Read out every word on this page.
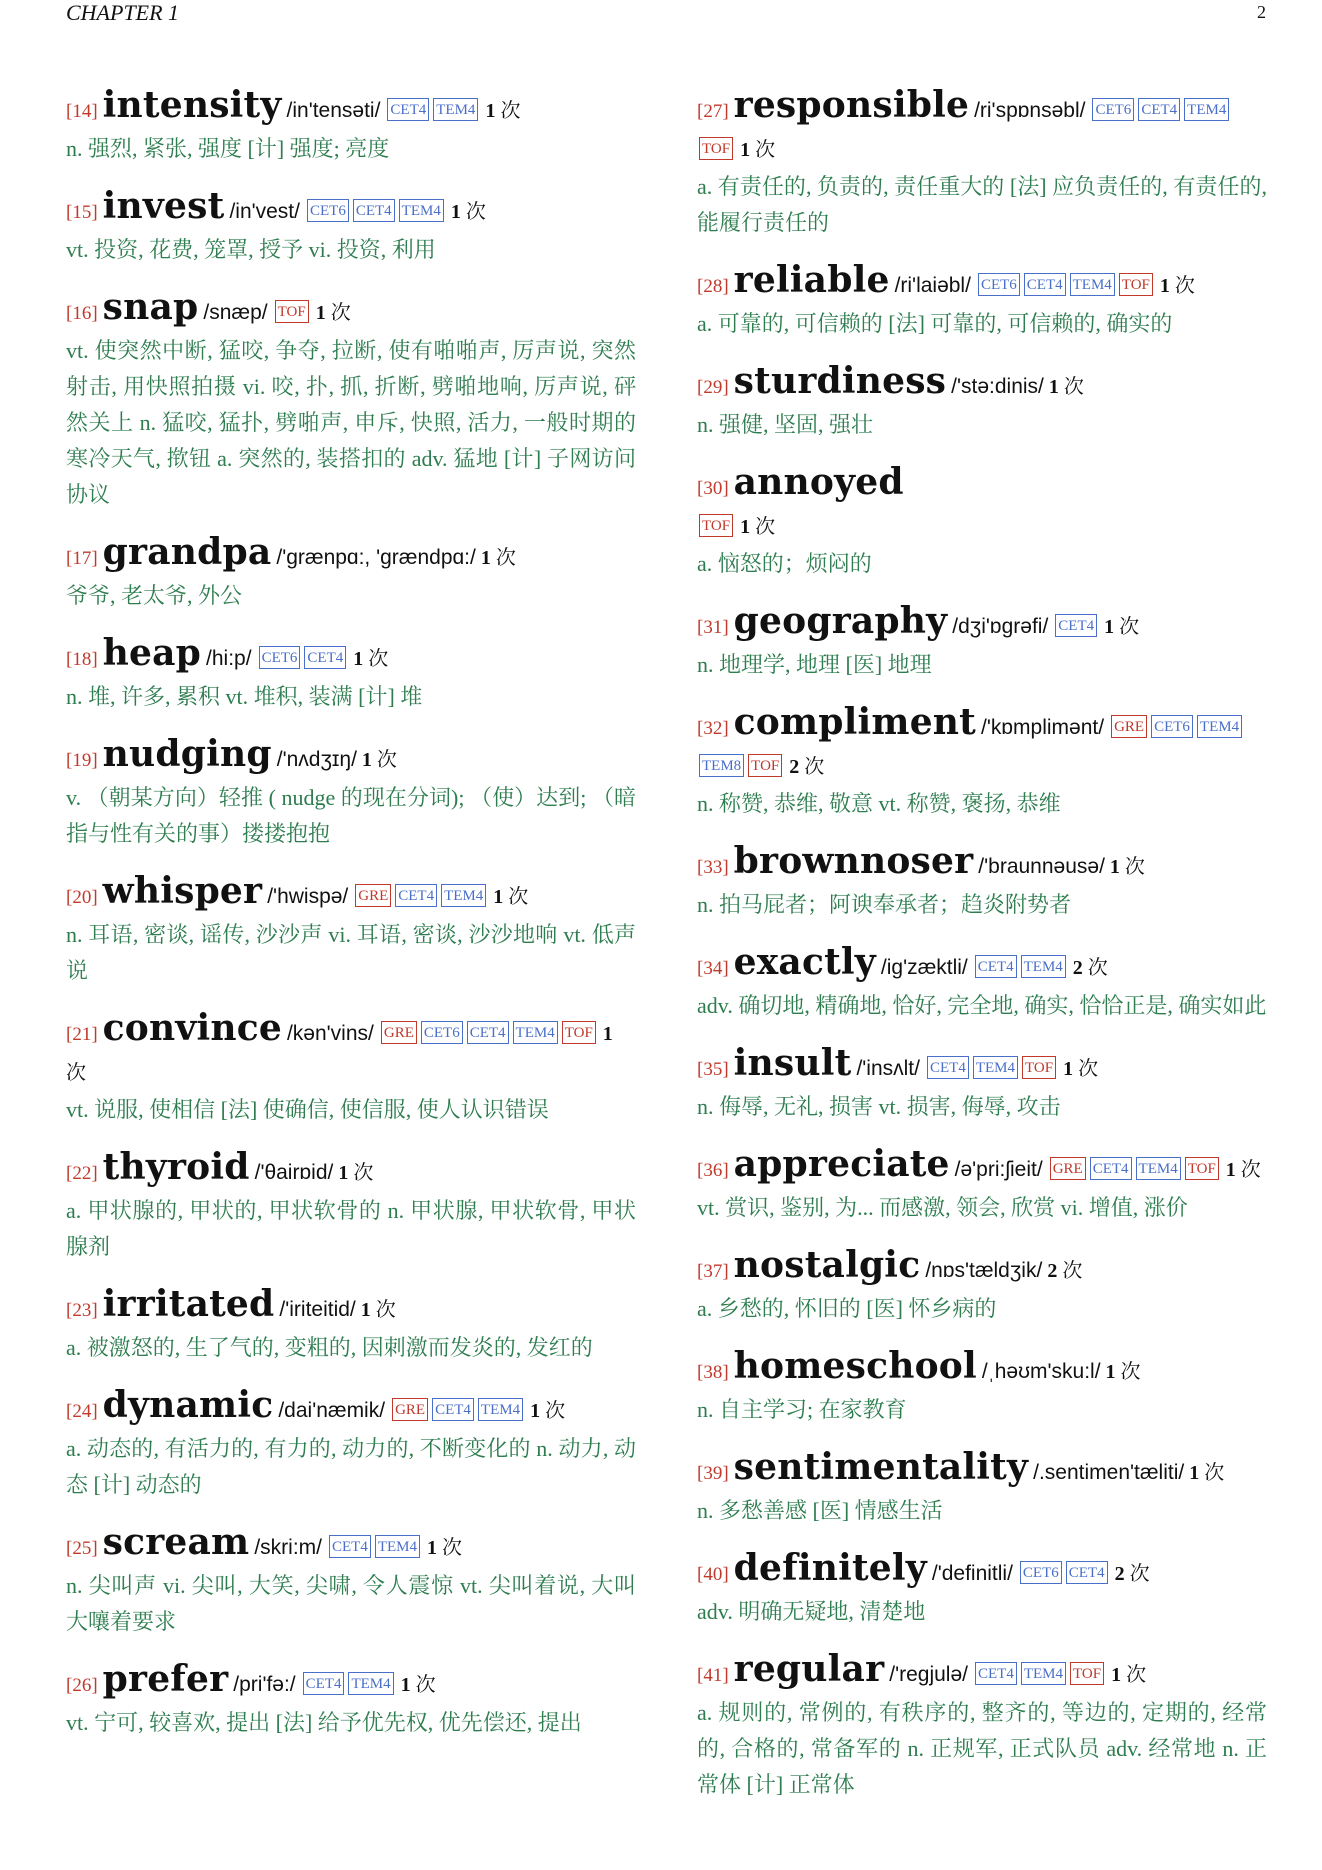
CHAPTER 1	2
[14] intensity /in'tensəti/ CET4 TEM4 1 次
n. 强烈, 紧张, 强度 [计] 强度; 亮度
[15] invest /in'vest/ CET6 CET4 TEM4 1 次
vt. 投资, 花费, 笼罩, 授予 vi. 投资, 利用
[16] snap /snæp/ TOF 1 次
vt. 使突然中断, 猛咬, 争夺, 拉断, 使有啪啪声, 厉声说, 突然射击, 用快照拍摄 vi. 咬, 扑, 抓, 折断, 劈啪地响, 厉声说, 砰然关上 n. 猛咬, 猛扑, 劈啪声, 申斥, 快照, 活力, 一般时期的寒冷天气, 揿钮 a. 突然的, 装搭扣的 adv. 猛地 [计] 子网访问协议
[17] grandpa /'grænpɑ:, 'grændpɑ:/ 1 次
爷爷, 老太爷, 外公
[18] heap /hi:p/ CET6 CET4 1 次
n. 堆, 许多, 累积 vt. 堆积, 装满 [计] 堆
[19] nudging /'nʌdʒɪŋ/ 1 次
v. （朝某方向）轻推 ( nudge 的现在分词); （使）达到; （暗指与性有关的事）搂搂抱抱
[20] whisper /'hwispə/ GRE CET4 TEM4 1 次
n. 耳语, 密谈, 谣传, 沙沙声 vi. 耳语, 密谈, 沙沙地响 vt. 低声说
[21] convince /kən'vins/ GRE CET6 CET4 TEM4 TOF 1 次
vt. 说服, 使相信 [法] 使确信, 使信服, 使人认识错误
[22] thyroid /'θairɒid/ 1 次
a. 甲状腺的, 甲状的, 甲状软骨的 n. 甲状腺, 甲状软骨, 甲状腺剂
[23] irritated /'iriteitid/ 1 次
a. 被激怒的, 生了气的, 变粗的, 因刺激而发炎的, 发红的
[24] dynamic /dai'næmik/ GRE CET4 TEM4 1 次
a. 动态的, 有活力的, 有力的, 动力的, 不断变化的 n. 动力, 动态 [计] 动态的
[25] scream /skri:m/ CET4 TEM4 1 次
n. 尖叫声 vi. 尖叫, 大笑, 尖啸, 令人震惊 vt. 尖叫着说, 大叫大嚷着要求
[26] prefer /pri'fə:/ CET4 TEM4 1 次
vt. 宁可, 较喜欢, 提出 [法] 给予优先权, 优先偿还, 提出
[27] responsible /ri'spɒnsəbl/ CET6 CET4 TEM4TOF 1 次
a. 有责任的, 负责的, 责任重大的 [法] 应负责任的, 有责任的, 能履行责任的
[28] reliable /ri'laiəbl/ CET6 CET4 TEM4 TOF 1 次
a. 可靠的, 可信赖的 [法] 可靠的, 可信赖的, 确实的
[29] sturdiness /'stə:dinis/ 1 次
n. 强健, 坚固, 强壮
[30] annoyed
TOF 1 次
a. 恼怒的；烦闷的
[31] geography /dʒi'ɒgrəfi/ CET4 1 次
n. 地理学, 地理 [医] 地理
[32] compliment /'kɒmplimənt/ GRE CET6 TEM4TEM8 TOF 2 次
n. 称赞, 恭维, 敬意 vt. 称赞, 褒扬, 恭维
[33] brownnoser /'braunnəusə/ 1 次
n. 拍马屁者；阿谀奉承者；趋炎附势者
[34] exactly /ig'zæktli/ CET4 TEM4 2 次
adv. 确切地, 精确地, 恰好, 完全地, 确实, 恰恰正是, 确实如此
[35] insult /'insʌlt/ CET4 TEM4 TOF 1 次
n. 侮辱, 无礼, 损害 vt. 损害, 侮辱, 攻击
[36] appreciate /ə'pri:ʃieit/ GRE CET4 TEM4 TOF 1 次
vt. 赏识, 鉴别, 为... 而感激, 领会, 欣赏 vi. 增值, 涨价
[37] nostalgic /nɒs'tældʒik/ 2 次
a. 乡愁的, 怀旧的 [医] 怀乡病的
[38] homeschool /ˌhəʊm'sku:l/ 1 次
n. 自主学习; 在家教育
[39] sentimentality /.sentimen'tæliti/ 1 次
n. 多愁善感 [医] 情感生活
[40] definitely /'definitli/ CET6 CET4 2 次
adv. 明确无疑地, 清楚地
[41] regular /'regjulə/ CET4 TEM4 TOF 1 次
a. 规则的, 常例的, 有秩序的, 整齐的, 等边的, 定期的, 经常的, 合格的, 常备军的 n. 正规军, 正式队员 adv. 经常地 n. 正常体 [计] 正常体
